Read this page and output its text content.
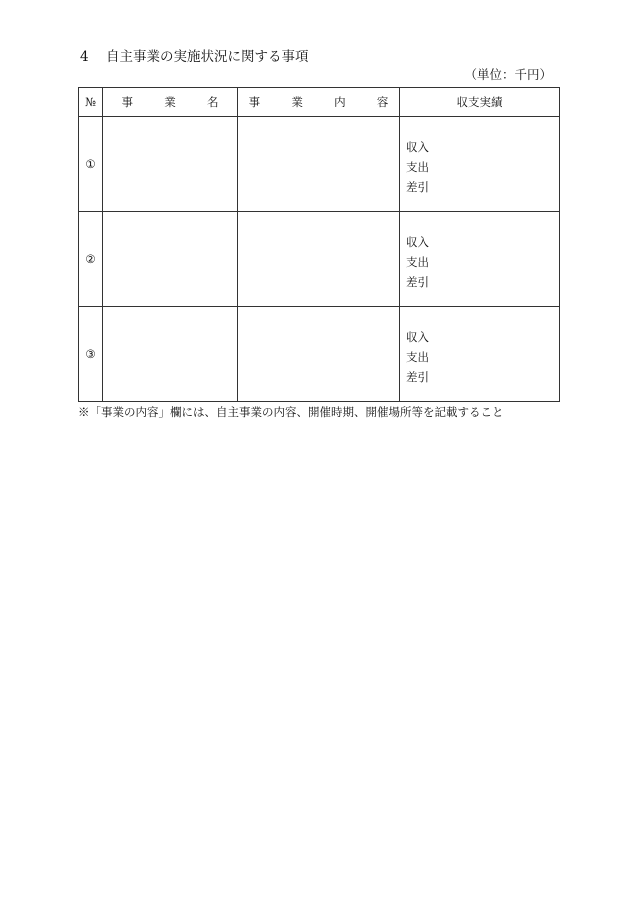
4 自主事業の実施状況に関する事項
（単位：千円）
№	事 業 名	事 業 内 容	収支実績
①			収入
支出
差引

②			収入
支出
差引

③			収入
支出
差引
※「事業の内容」欄には、自主事業の内容、開催時期、開催場所等を記載すること
